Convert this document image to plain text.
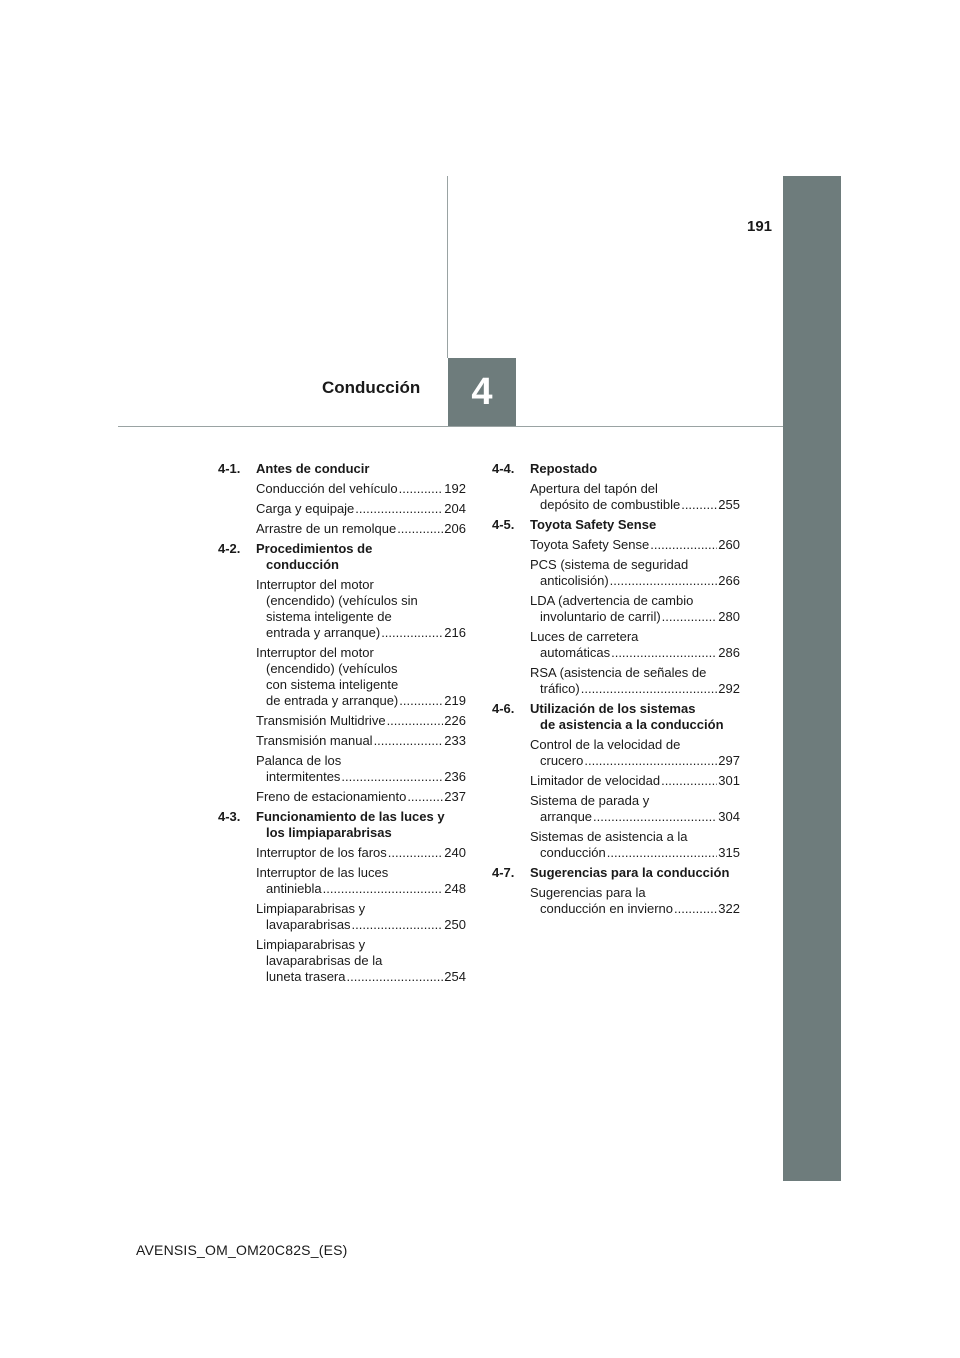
4
Conducción
191
4-1.	Antes de conducir
Conducción del vehículo .....	192
Carga y equipaje .....	204
Arrastre de un remolque .....	206
4-2.	Procedimientos de
conducción
Interruptor del motor
(encendido) (vehículos sin
sistema inteligente de
entrada y arranque) .....	216
Interruptor del motor
(encendido) (vehículos
con sistema inteligente
de entrada y arranque) .....	219
Transmisión Multidrive .....	226
Transmisión manual .....	233
Palanca de los
intermitentes .....	236
Freno de estacionamiento .....	237
4-3.	Funcionamiento de las luces y
los limpiaparabrisas
Interruptor de los faros .....	240
Interruptor de las luces
antiniebla .....	248
Limpiaparabrisas y
lavaparabrisas .....	250
Limpiaparabrisas y
lavaparabrisas de la
luneta trasera .....	254
4-4.	Repostado
Apertura del tapón del
depósito de combustible .....	255
4-5.	Toyota Safety Sense
Toyota Safety Sense .....	260
PCS (sistema de seguridad
anticolisión) .....	266
LDA (advertencia de cambio
involuntario de carril) .....	280
Luces de carretera
automáticas .....	286
RSA (asistencia de señales de
tráfico) .....	292
4-6.	Utilización de los sistemas
de asistencia a la conducción
Control de la velocidad de
crucero .....	297
Limitador de velocidad .....	301
Sistema de parada y
arranque .....	304
Sistemas de asistencia a la
conducción .....	315
4-7.	Sugerencias para la conducción
Sugerencias para la
conducción en invierno .....	322
AVENSIS_OM_OM20C82S_(ES)
